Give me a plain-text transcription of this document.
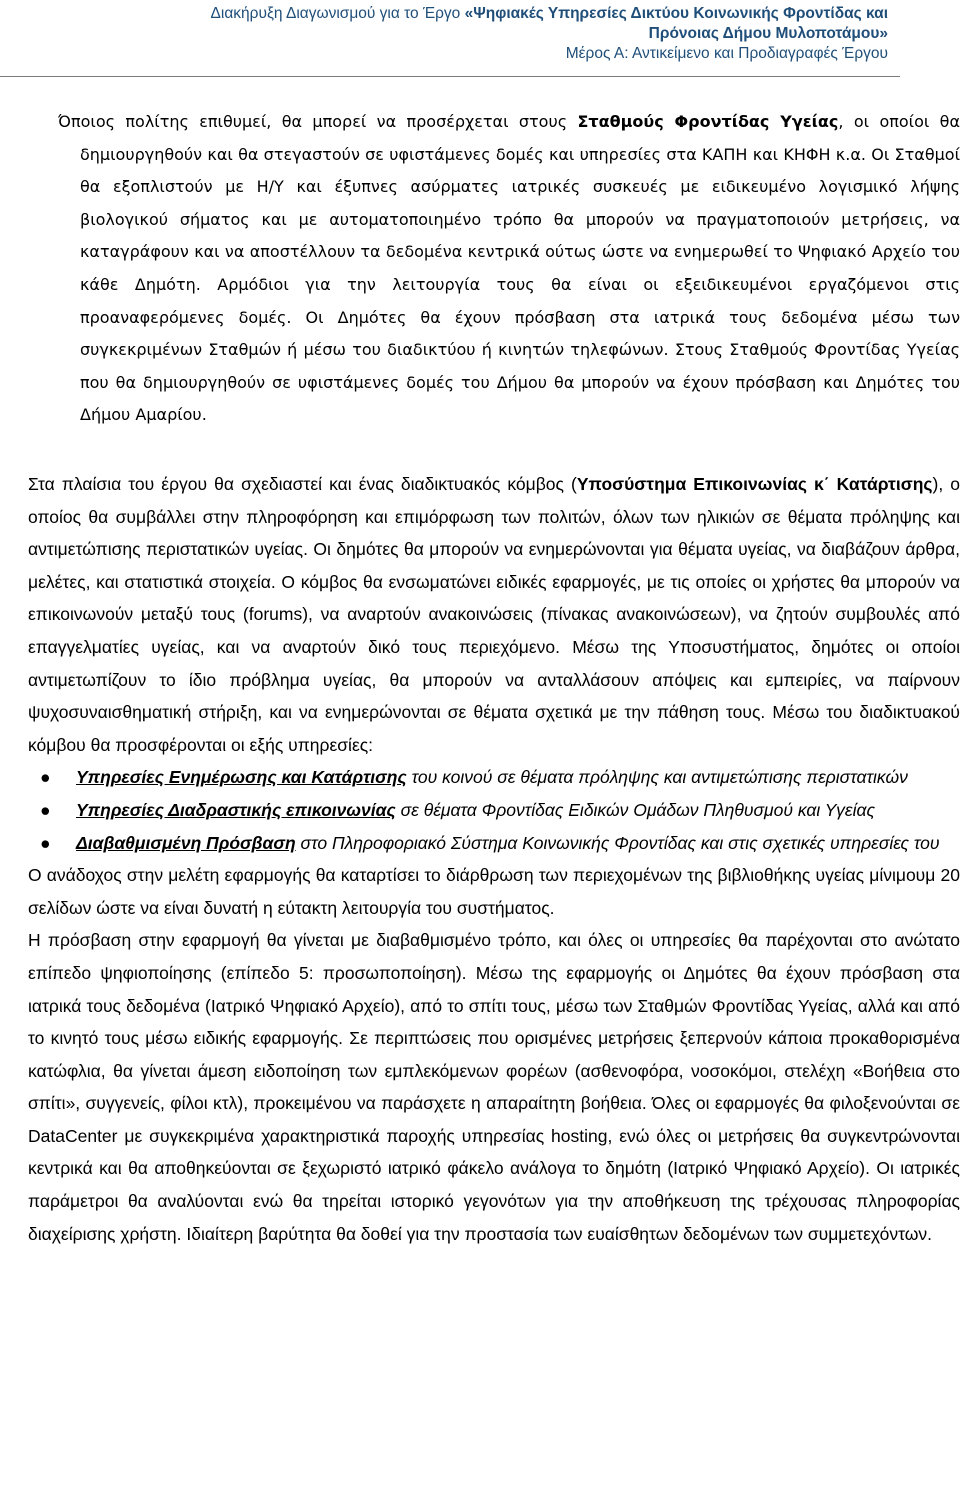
Διακήρυξη Διαγωνισμού για το Έργο «Ψηφιακές Υπηρεσίες Δικτύου Κοινωνικής Φροντίδας και
Πρόνοιας Δήμου Μυλοποτάμου»
Μέρος Α: Αντικείμενο και Προδιαγραφές Έργου

Όποιος πολίτης επιθυμεί, θα μπορεί να προσέρχεται στους Σταθμούς Φροντίδας Υγείας, οι οποίοι θα δημιουργηθούν και θα στεγαστούν σε υφιστάμενες δομές και υπηρεσίες στα ΚΑΠΗ και ΚΗΦΗ κ.α. Οι Σταθμοί θα εξοπλιστούν με Η/Υ και έξυπνες ασύρματες ιατρικές συσκευές με ειδικευμένο λογισμικό λήψης βιολογικού σήματος και με αυτοματοποιημένο τρόπο θα μπορούν να πραγματοποιούν μετρήσεις, να καταγράφουν και να αποστέλλουν τα δεδομένα κεντρικά ούτως ώστε να ενημερωθεί το Ψηφιακό Αρχείο του κάθε Δημότη. Αρμόδιοι για την λειτουργία τους θα είναι οι εξειδικευμένοι εργαζόμενοι στις προαναφερόμενες δομές. Οι Δημότες θα έχουν πρόσβαση στα ιατρικά τους δεδομένα μέσω των συγκεκριμένων Σταθμών ή μέσω του διαδικτύου ή κινητών τηλεφώνων. Στους Σταθμούς Φροντίδας Υγείας που θα δημιουργηθούν σε υφιστάμενες δομές του Δήμου θα μπορούν να έχουν πρόσβαση και Δημότες του Δήμου Αμαρίου.

Στα πλαίσια του έργου θα σχεδιαστεί και ένας διαδικτυακός κόμβος (Υποσύστημα Επικοινωνίας κ΄ Κατάρτισης), ο οποίος θα συμβάλλει στην πληροφόρηση και επιμόρφωση των πολιτών, όλων των ηλικιών σε θέματα πρόληψης και αντιμετώπισης περιστατικών υγείας. Οι δημότες θα μπορούν να ενημερώνονται για θέματα υγείας, να διαβάζουν άρθρα, μελέτες, και στατιστικά στοιχεία. Ο κόμβος θα ενσωματώνει ειδικές εφαρμογές, με τις οποίες οι χρήστες θα μπορούν να επικοινωνούν μεταξύ τους (forums), να αναρτούν ανακοινώσεις (πίνακας ανακοινώσεων), να ζητούν συμβουλές από επαγγελματίες υγείας, και να αναρτούν δικό τους περιεχόμενο. Μέσω της Υποσυστήματος, δημότες οι οποίοι αντιμετωπίζουν το ίδιο πρόβλημα υγείας, θα μπορούν να ανταλλάσουν απόψεις και εμπειρίες, να παίρνουν ψυχοσυναισθηματική στήριξη, και να ενημερώνονται σε θέματα σχετικά με την πάθηση τους. Μέσω του διαδικτυακού κόμβου θα προσφέρονται οι εξής υπηρεσίες:

● Υπηρεσίες Ενημέρωσης και Κατάρτισης του κοινού σε θέματα πρόληψης και αντιμετώπισης περιστατικών
● Υπηρεσίες Διαδραστικής επικοινωνίας σε θέματα Φροντίδας Ειδικών Ομάδων Πληθυσμού και Υγείας
● Διαβαθμισμένη Πρόσβαση στο Πληροφοριακό Σύστημα Κοινωνικής Φροντίδας και στις σχετικές υπηρεσίες του

Ο ανάδοχος στην μελέτη εφαρμογής θα καταρτίσει το διάρθρωση των περιεχομένων της βιβλιοθήκης υγείας μίνιμουμ 20 σελίδων ώστε να είναι δυνατή η εύτακτη λειτουργία του συστήματος.

Η πρόσβαση στην εφαρμογή θα γίνεται με διαβαθμισμένο τρόπο, και όλες οι υπηρεσίες θα παρέχονται στο ανώτατο επίπεδο ψηφιοποίησης (επίπεδο 5: προσωποποίηση). Μέσω της εφαρμογής οι Δημότες θα έχουν πρόσβαση στα ιατρικά τους δεδομένα (Ιατρικό Ψηφιακό Αρχείο), από το σπίτι τους, μέσω των Σταθμών Φροντίδας Υγείας, αλλά και από το κινητό τους μέσω ειδικής εφαρμογής. Σε περιπτώσεις που ορισμένες μετρήσεις ξεπερνούν κάποια προκαθορισμένα κατώφλια, θα γίνεται άμεση ειδοποίηση των εμπλεκόμενων φορέων (ασθενοφόρα, νοσοκόμοι, στελέχη «Βοήθεια στο σπίτι», συγγενείς, φίλοι κτλ), προκειμένου να παράσχετε η απαραίτητη βοήθεια. Όλες οι εφαρμογές θα φιλοξενούνται σε DataCenter με συγκεκριμένα χαρακτηριστικά παροχής υπηρεσίας hosting, ενώ όλες οι μετρήσεις θα συγκεντρώνονται κεντρικά και θα αποθηκεύονται σε ξεχωριστό ιατρικό φάκελο ανάλογα το δημότη (Ιατρικό Ψηφιακό Αρχείο). Οι ιατρικές παράμετροι θα αναλύονται ενώ θα τηρείται ιστορικό γεγονότων για την αποθήκευση της τρέχουσας πληροφορίας διαχείρισης χρήστη. Ιδιαίτερη βαρύτητα θα δοθεί για την προστασία των ευαίσθητων δεδομένων των συμμετεχόντων.
